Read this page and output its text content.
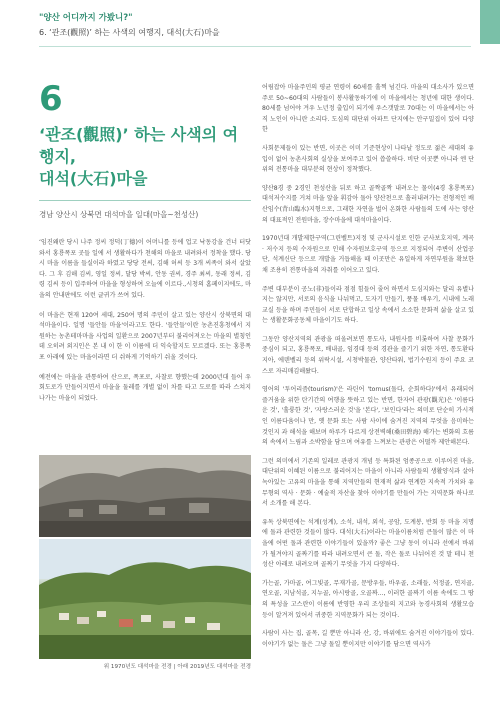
"양산 어디까지 가봤니?"
6. ‘관조(觀照)’ 하는 사색의 여행지, 대석(大石)마을
6
‘관조(觀照)’ 하는 사색의 여행지,
대석(大石)마을
경남 양산시 상북면 대석마을 일대(마을~천성산)

‘임진왜란 당시 나주 정씨 정덕(丁德)이 어머니를 등에 업고 낙동강을 건너 터닷 와서 홍룡폭포 곳들 일에 서 생활하다가 천해의 마을로 내려와서 정착을 했다. 당시 마을 이름을 들실이라 하였고 당당 전씨, 김해 허씨 등 3개 씨족이 와서 살았다. 그 후 김해 김씨, 영일 정씨, 달당 박씨, 안동 권씨, 경주 최씨, 동래 정씨, 김령 김씨 등이 입주하여 마을을 형성하여 오늘에 이르다.,시청의 홈페이지에도, 마을의 안내판에도 이런 글귀가 쓰여 있다.

이 마을은 현재 120여 세대, 250여 명의 주민이 살고 있는 양산시 상북면의 대석마을이다. 일명 '들안들 마을'이라고도 한다. '들안들'이란 농촌진흥청에서 지원하는 농촌테마마을 사업의 일환으로 2007년부터 불리어져오는 마을의 별칭인데 오히려 외지인은 본 내 이 한 이 이름에 더 익숙할지도 모르겠다. 또는 홍룡폭포 아래에 있는 마을이라면 더 쉬하게 기억하기 쉬울 것이다.

예전에는 마을을 관통하여 산으로, 폭포로, 사찰로 향했는데 2000년대 들어 우회도로가 만들어지면서 마을을 둘레를 개별 없이 차를 타고 도로를 따라 스쳐지나가는 마을이 되었다.

위 1970년도 대석마을 전경 | 아래 2019년도 대석마을 전경

어림잡아 마을주민의 평균 연령이 60세를 훌쩍 넘긴다. 마을의 대소사가 있으면 주로 50~60대의 사람들이 봉사활동하기에 이 마을에서는 청년에 대한 생이다. 80세를 넘어야 겨우 노년정 출입이 되기에 우스갯말로 70대는 이 마을에서는 아직 노인이 아니란 소리다. 도심의 대단위 아파트 단지에는 안구밀집이 있어 다양한

사회문제들이 있는 반면, 이곳은 이미 기준현상이 나타날 정도로 젊은 세대의 유입이 없어 농촌사회의 실상을 보여주고 있어 씁쓸하다. 비단 이곳뿐 아니라 엔 단위의 전통마을 대부분의 현상이 정착했다.

양산8경 중 2경인 천성산을 뒤로 하고 골짝골짝 내려오는 물이(4경 홍룡폭포) 대석저수지를 거쳐 마을 앞을 휘감아 돌아 양산천으로 흘러내려가는 전형적인 배산임수(背山臨水)지형으로, 그래한 자연을 벌어 온화한 사람들의 도에 사는 양산의 대표적인 전원마을, 장수마을에 대석마을이다.

1970년대 개발제한구역(그린벨트)지정 및 군사시설로 인한 군사보호지역, 계곡 · 저수지 등의 수자원으로 인해 수자원보호구역 등으로 지정되어 주변이 산업공단, 석계신단 등으로 개발을 거듭해올 때 이곳만은 유일하게 자연부원을 확보한 채 조용히 전통마을의 자취를 이어오고 있다.

주변 대부분이 공노(非)들이라 점점 힘들어 줄어 하면서 도심지와는 달리 유별나지는 않지만, 서로의 음식을 나눠먹고, 도자기 만들기, 풍물 배우기, 시내에 노래교실 등을 하며 주민들이 서로 단합하고 일상 속에서 소소한 문화적 삶을 살고 있는 생활문화공동체 마을이기도 하다.

그동안 양산지역의 관광을 떠올려보면 통도사, 내원사를 비롯하여 사찰 문화가 중심이 되고, 홍룡폭포, 배내골, 임경대 등의 경관을 즐기기 위한 자연, 통도환타지아, 에덴벨리 등의 위락시설, 시청박물관, 양산타워, 법기수원지 등이 주요 코스로 자리매김해왔다.

영어의 '투어리즘(tourism)'은 라틴어 'tornus(돌다, 순회하다)'에서 유래되어 즐거움을 위한 탄기간의 여행을 뜻하고 있는 반면, 한자어 관광(觀光)은 '이름다운 것', '훌륭한 것', '자랑스러운 것'을 '본다', '보인다'라는 의미로 단순히 가시적인 이름다움이나 만, 옛 문화 또는 사람 사이에 숨겨진 지역의 무엇을 음미하는 것인지 과 해석을 해보며 하루가 다르게 상전벽해(桑田碧海) 해가는 변화의 흐름의 속에서 느림과 소박함을 담으며 여유를 느껴보는 관광은 어떨까 제안해본다.

그런 의미에서 기존의 일레로 관광지 개념 등 특화된 엄종공으로 이루어진 마을, 대단위의 이혜된 이름으로 불리어지는 마을이 아니라 사람들의 생활양식과 살아 녹아있는 고유의 마을을 통해 지역만들의 현재적 삶과 연계한 지속적 가치와 유무형의 역사 · 문화 · 예술적 자산을 찾아 이야기를 만들어 가는 지역문화 하나로서 소개를 해 본다.

유독 상북면에는 석계(성계), 소석, 내석, 외석, 공암, 도계봉, 반회 등 마을 지명에 돌과 관련한 것들이 많다. 대석(大石)이라는 마을이름처럼 큰돌이 많은 이 마을에 어떤 돌과 관련한 이야기들이 있을까? 좋은 그냥 동이 이니라 선예서 바위가 될겨야지 골짜기를 따라 내려오면서 큰 돌, 작은 돌로 나뉘어진 것 말 테니 천성산 아래로 내려오며 골짜기 무엇을 가지 다양하다.

가는골, 가마골, 여그빛골, 무재가골, 문방우들, 바우골, 소래들, 석정골, 연지골, 연오골, 지남석골, 지누골, 아시랑골, 오골짜..., 이러한 골짜기 이름 속에도 그 땅의 특성을 고스란이 이름에 반영한 우리 조상들의 지고와 농경사회의 생활모습 등이 알겨져 있어서 귀중한 지역문화가 되는 것이다.

사람이 사는 집, 골목, 길 뿐만 아니라 산, 강, 바위에도 숨겨진 이야기들이 있다. 이야기가 없는 돌은 그냥 돌일 뿐이지만 이야기를 담으면 역사가
